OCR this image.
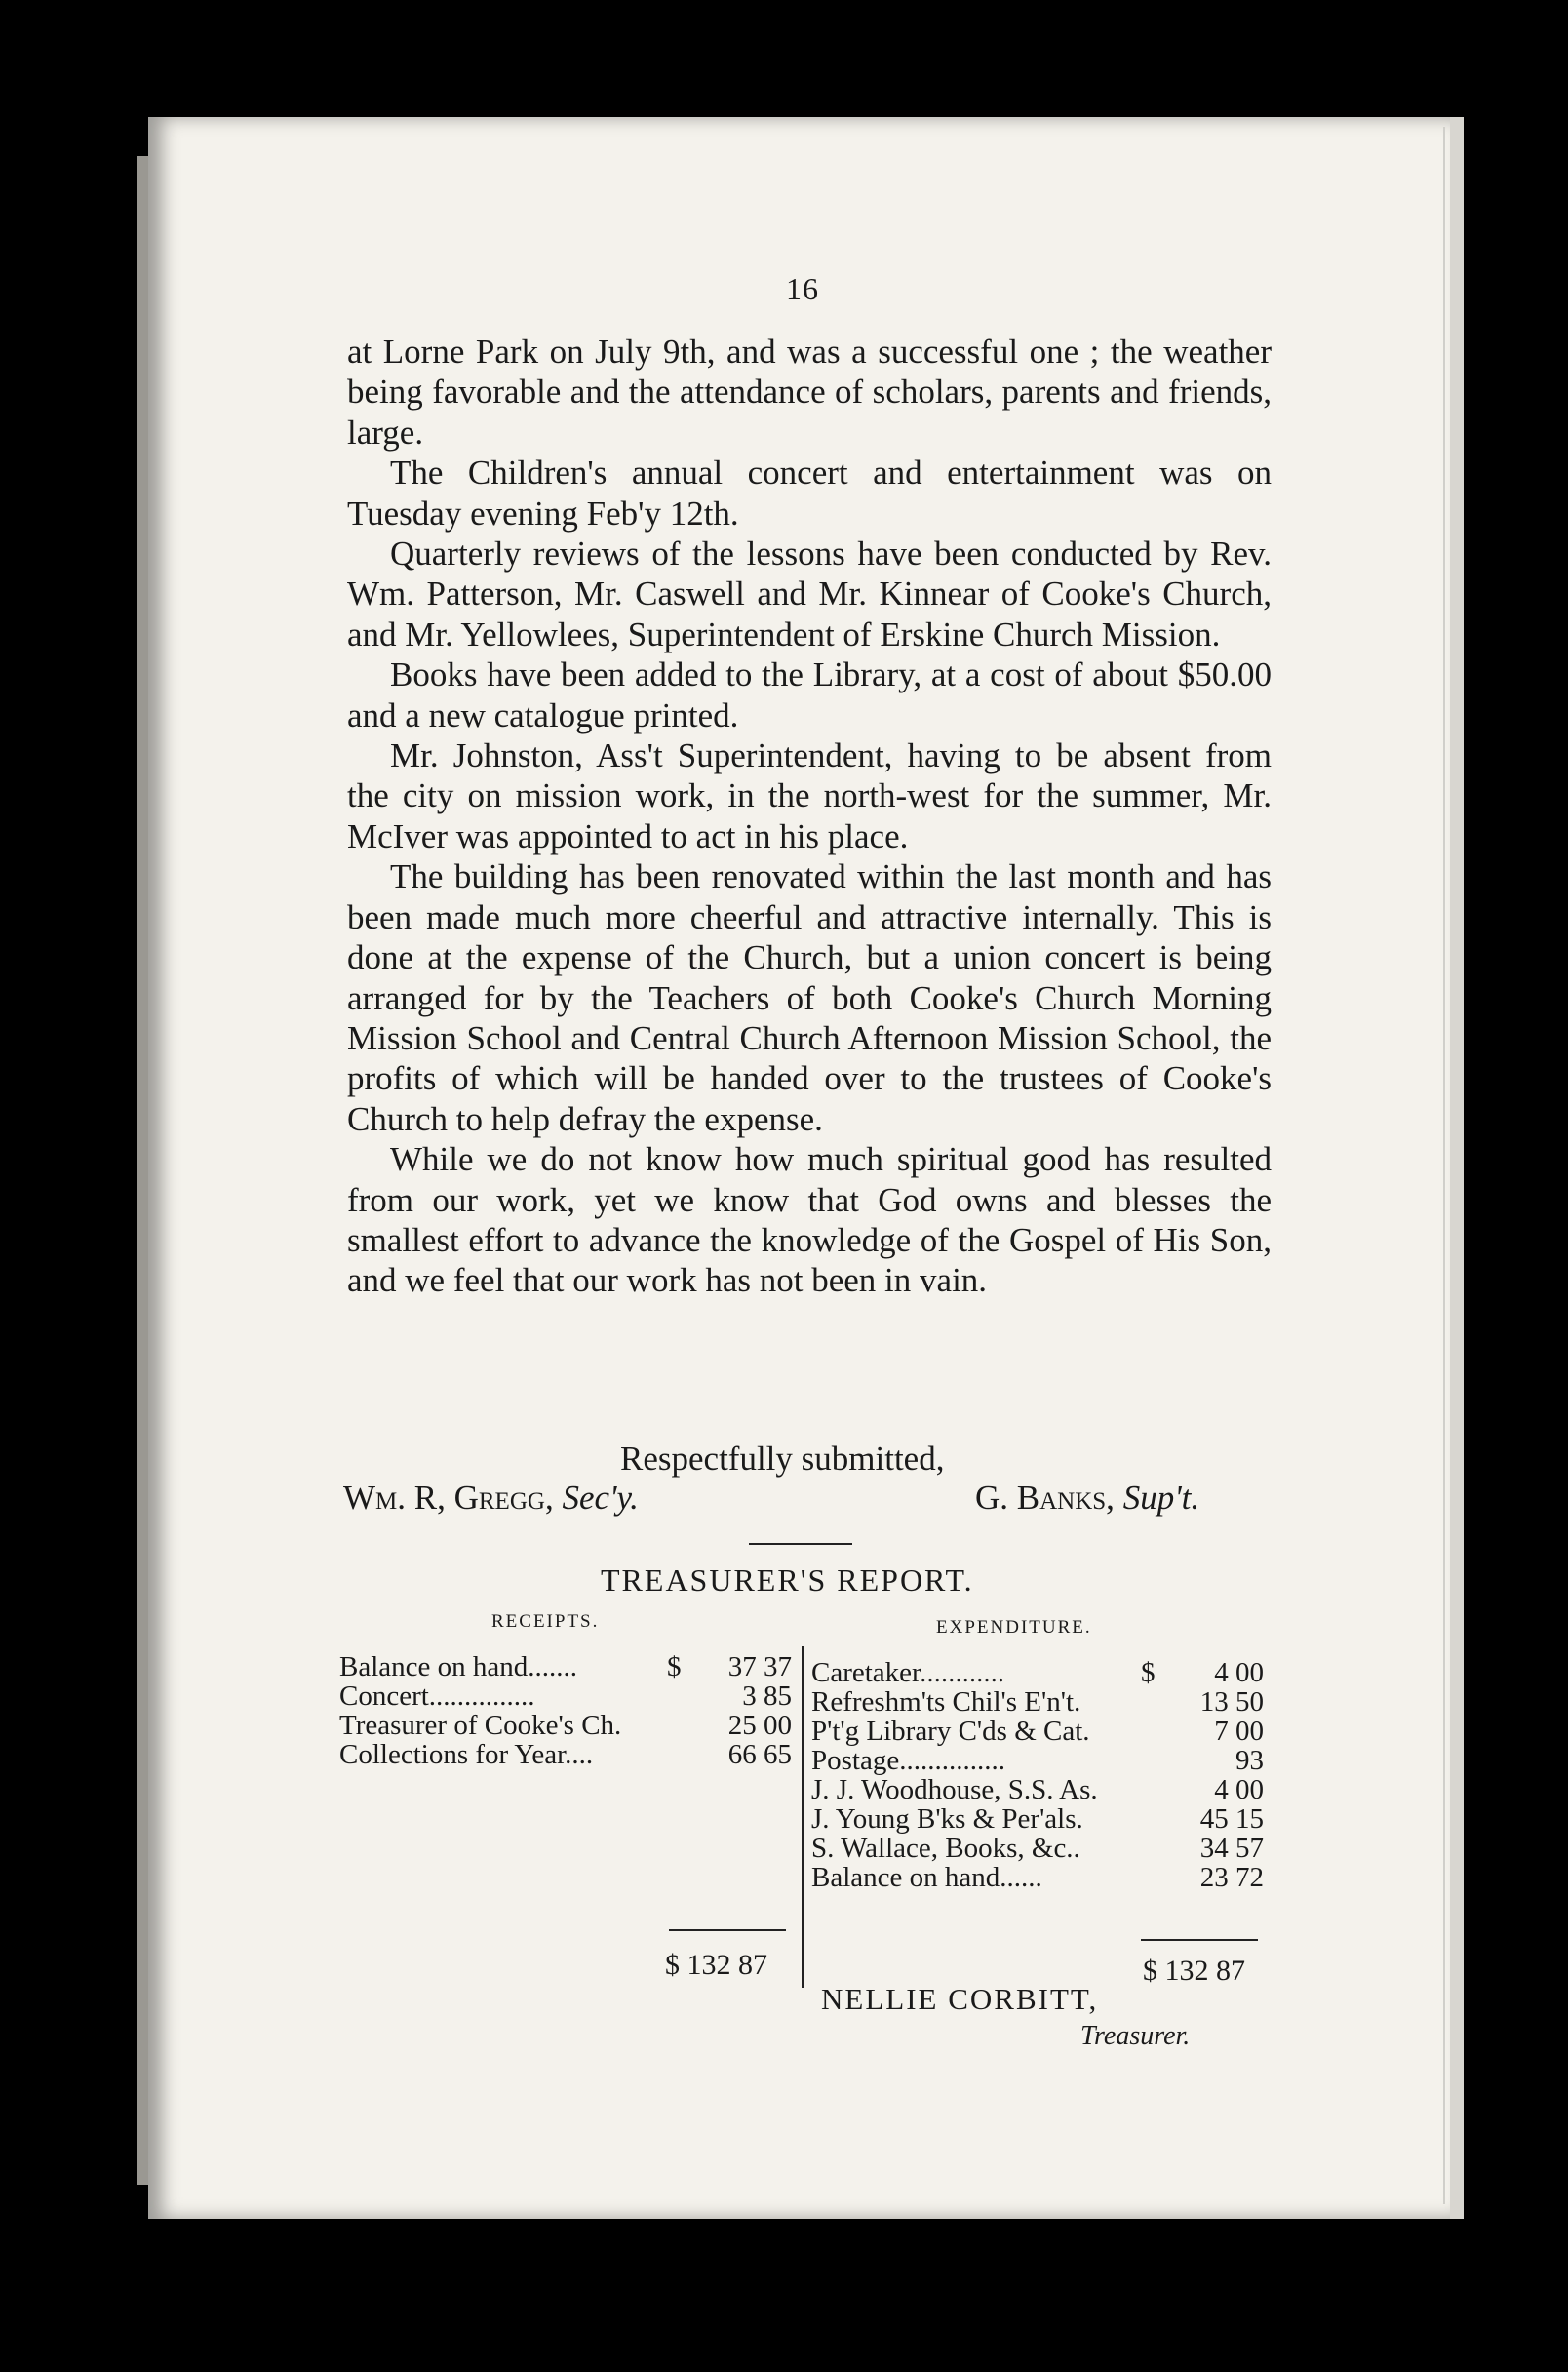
16

at Lorne Park on July 9th, and was a successful one ; the weather being favorable and the attendance of scholars, parents and friends, large.

The Children's annual concert and entertainment was on Tuesday evening Feb'y 12th.

Quarterly reviews of the lessons have been conducted by Rev. Wm. Patterson, Mr. Caswell and Mr. Kinnear of Cooke's Church, and Mr. Yellowlees, Superintendent of Erskine Church Mission.

Books have been added to the Library, at a cost of about $50.00 and a new catalogue printed.

Mr. Johnston, Ass't Superintendent, having to be absent from the city on mission work, in the north-west for the summer, Mr. McIver was appointed to act in his place.

The building has been renovated within the last month and has been made much more cheerful and attractive internally. This is done at the expense of the Church, but a union concert is being arranged for by the Teachers of both Cooke's Church Morning Mission School and Central Church Afternoon Mission School, the profits of which will be handed over to the trustees of Cooke's Church to help defray the expense.

While we do not know how much spiritual good has resulted from our work, yet we know that God owns and blesses the smallest effort to advance the knowledge of the Gospel of His Son, and we feel that our work has not been in vain.

Respectfully submitted,
Wm. R, Gregg, Sec'y.	G. Banks, Sup't.
TREASURER'S REPORT.
RECEIPTS.	EXPENDITURE.
Balance on hand.......	$	37 37
Concert...............	3 85
Treasurer of Cooke's Ch.	25 00
Collections for Year....	66 65
Caretaker............	$	4 00
Refreshm'ts Chil's E'n't.	13 50
P't'g Library C'ds & Cat.	7 00
Postage...............	93
J. J. Woodhouse, S.S. As.	4 00
J. Young B'ks & Per'als.	45 15
S. Wallace, Books, &c..	34 57
Balance on hand......	23 72
$ 132 87	$ 132 87
NELLIE CORBITT,
Treasurer.
